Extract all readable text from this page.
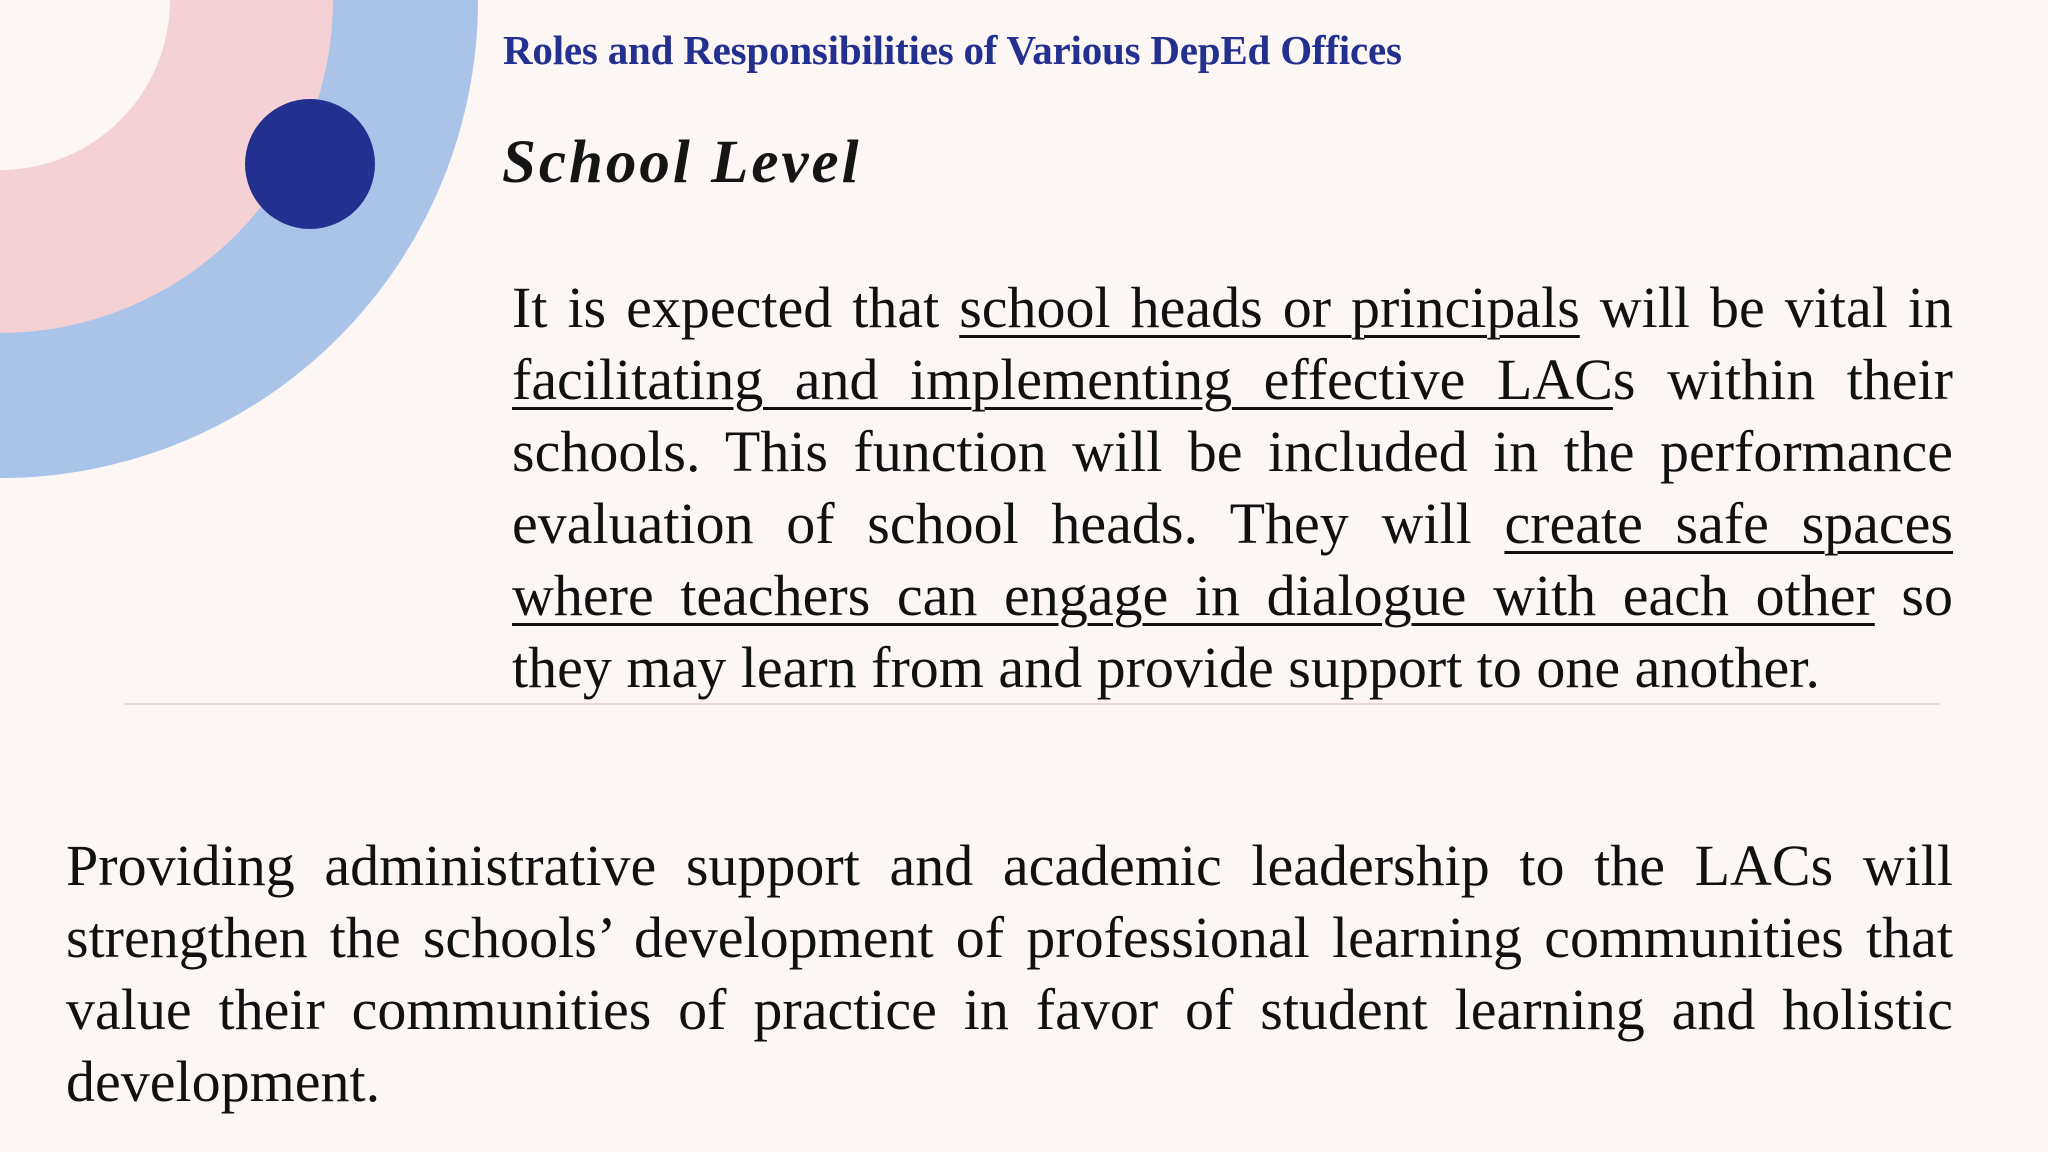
Roles and Responsibilities of Various DepEd Offices
School Level

It is expected that school heads or principals will be vital in facilitating and implementing effective LACs within their schools. This function will be included in the performance evaluation of school heads. They will create safe spaces where teachers can engage in dialogue with each other so they may learn from and provide support to one another.

Providing administrative support and academic leadership to the LACs will strengthen the schools’ development of professional learning communities that value their communities of practice in favor of student learning and holistic development.
